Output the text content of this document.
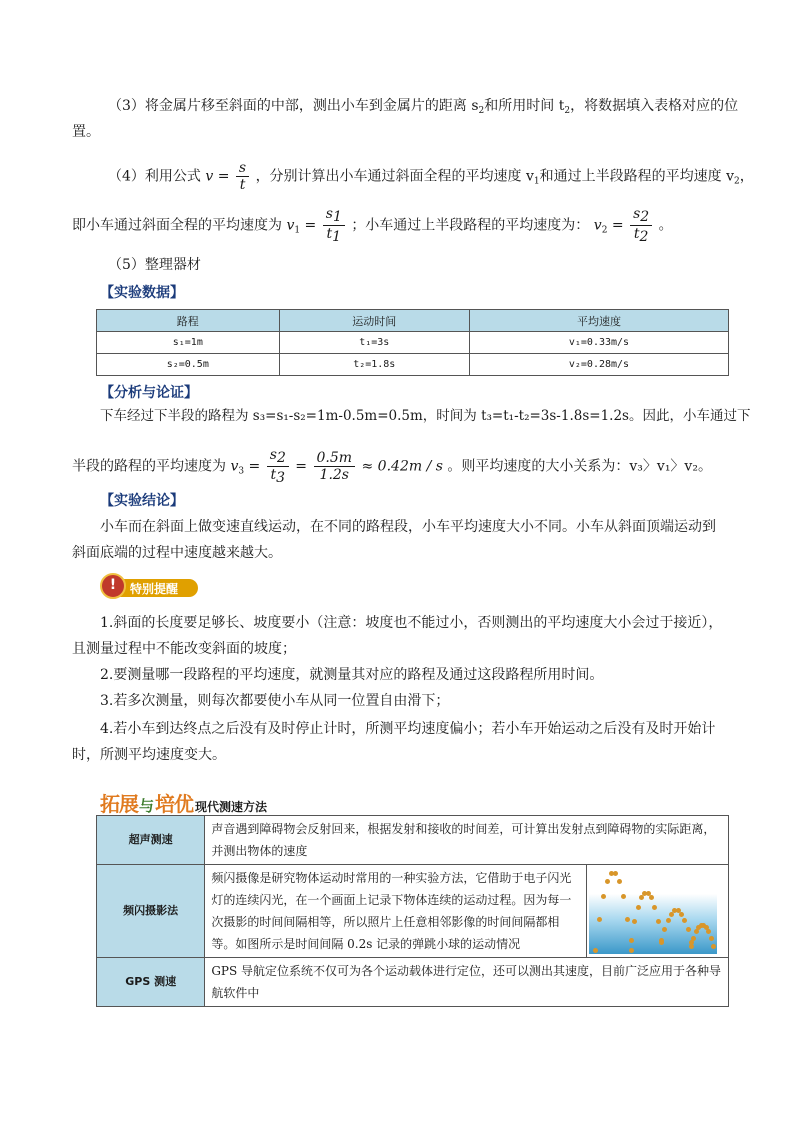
（3）将金属片移至斜面的中部，测出小车到金属片的距离 $s_2$和所用时间 $t_2$，将数据填入表格对应的位
置。
（4）利用公式 $v = \frac{s}{t}$ ，分别计算出小车通过斜面全程的平均速度 $v_1$和通过上半段路程的平均速度 $v_2$，
即小车通过斜面全程的平均速度为 $v_1 = \frac{s1}{t1}$ ；小车通过上半段路程的平均速度为： $v_2 = \frac{s2}{t2}$ 。
（5）整理器材
【实验数据】
路程	运动时间	平均速度
s₁=1m	t₁=3s	v₁=0.33m/s
s₂=0.5m	t₂=1.8s	v₂=0.28m/s
【分析与论证】
下车经过下半段的路程为 s₃=s₁-s₂=1m-0.5m=0.5m，时间为 t₃=t₁-t₂=3s-1.8s=1.2s。因此，小车通过下
半段的路程的平均速度为 $v_3 = \frac{s2}{t3} = \frac{0.5m}{1.2s} \approx 0.42m / s$ 。则平均速度的大小关系为：v₃〉v₁〉v₂。
【实验结论】
小车而在斜面上做变速直线运动，在不同的路程段，小车平均速度大小不同。小车从斜面顶端运动到
斜面底端的过程中速度越来越大。
特别提醒
!
1.斜面的长度要足够长、坡度要小（注意：坡度也不能过小，否则测出的平均速度大小会过于接近），
且测量过程中不能改变斜面的坡度；
2.要测量哪一段路程的平均速度，就测量其对应的路程及通过这段路程所用时间。
3.若多次测量，则每次都要使小车从同一位置自由滑下；
4.若小车到达终点之后没有及时停止计时，所测平均速度偏小；若小车开始运动之后没有及时开始计
时，所测平均速度变大。
拓展与培优 现代测速方法
超声测速	声音遇到障碍物会反射回来，根据发射和接收的时间差，可计算出发射点到障碍物的实际距离，并测出物体的速度	
频闪摄影法	频闪摄像是研究物体运动时常用的一种实验方法，它借助于电子闪光灯的连续闪光，在一个画面上记录下物体连续的运动过程。因为每一次摄影的时间间隔相等，所以照片上任意相邻影像的时间间隔都相等。如图所示是时间间隔 0.2s 记录的弹跳小球的运动情况	

GPS 测速	GPS 导航定位系统不仅可为各个运动载体进行定位，还可以测出其速度，目前广泛应用于各种导航软件中	
